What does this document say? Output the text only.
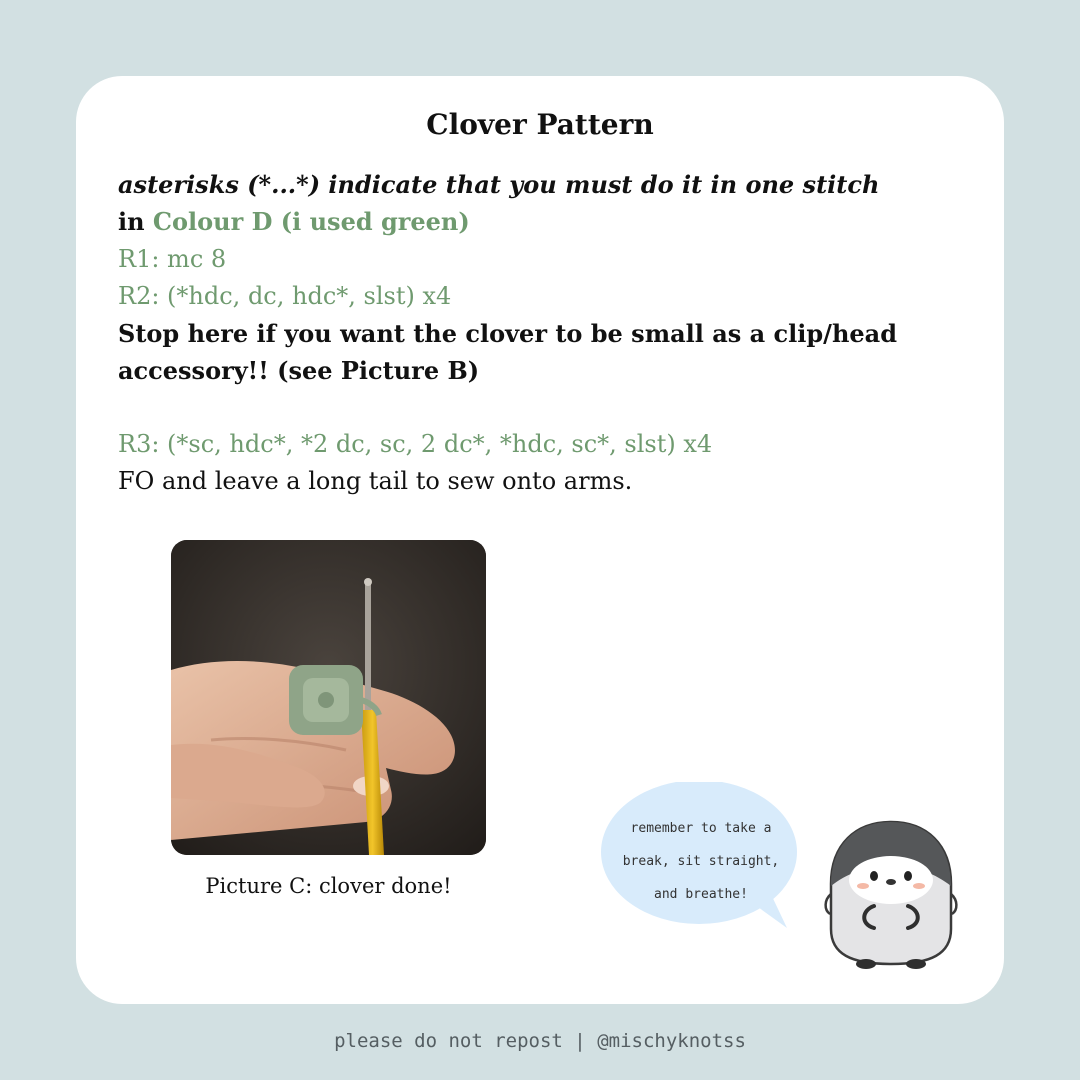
Clover Pattern
asterisks (*...*) indicate that you must do it in one stitch
in Colour D (i used green)
R1: mc 8
R2: (*hdc, dc, hdc*, slst) x4
Stop here if you want the clover to be small as a clip/head
accessory!! (see Picture B)
R3: (*sc, hdc*, *2 dc, sc, 2 dc*, *hdc, sc*, slst) x4
FO and leave a long tail to sew onto arms.
Picture C: clover done!
remember to take a
break, sit straight,
and breathe!
please do not repost | @mischyknotss
